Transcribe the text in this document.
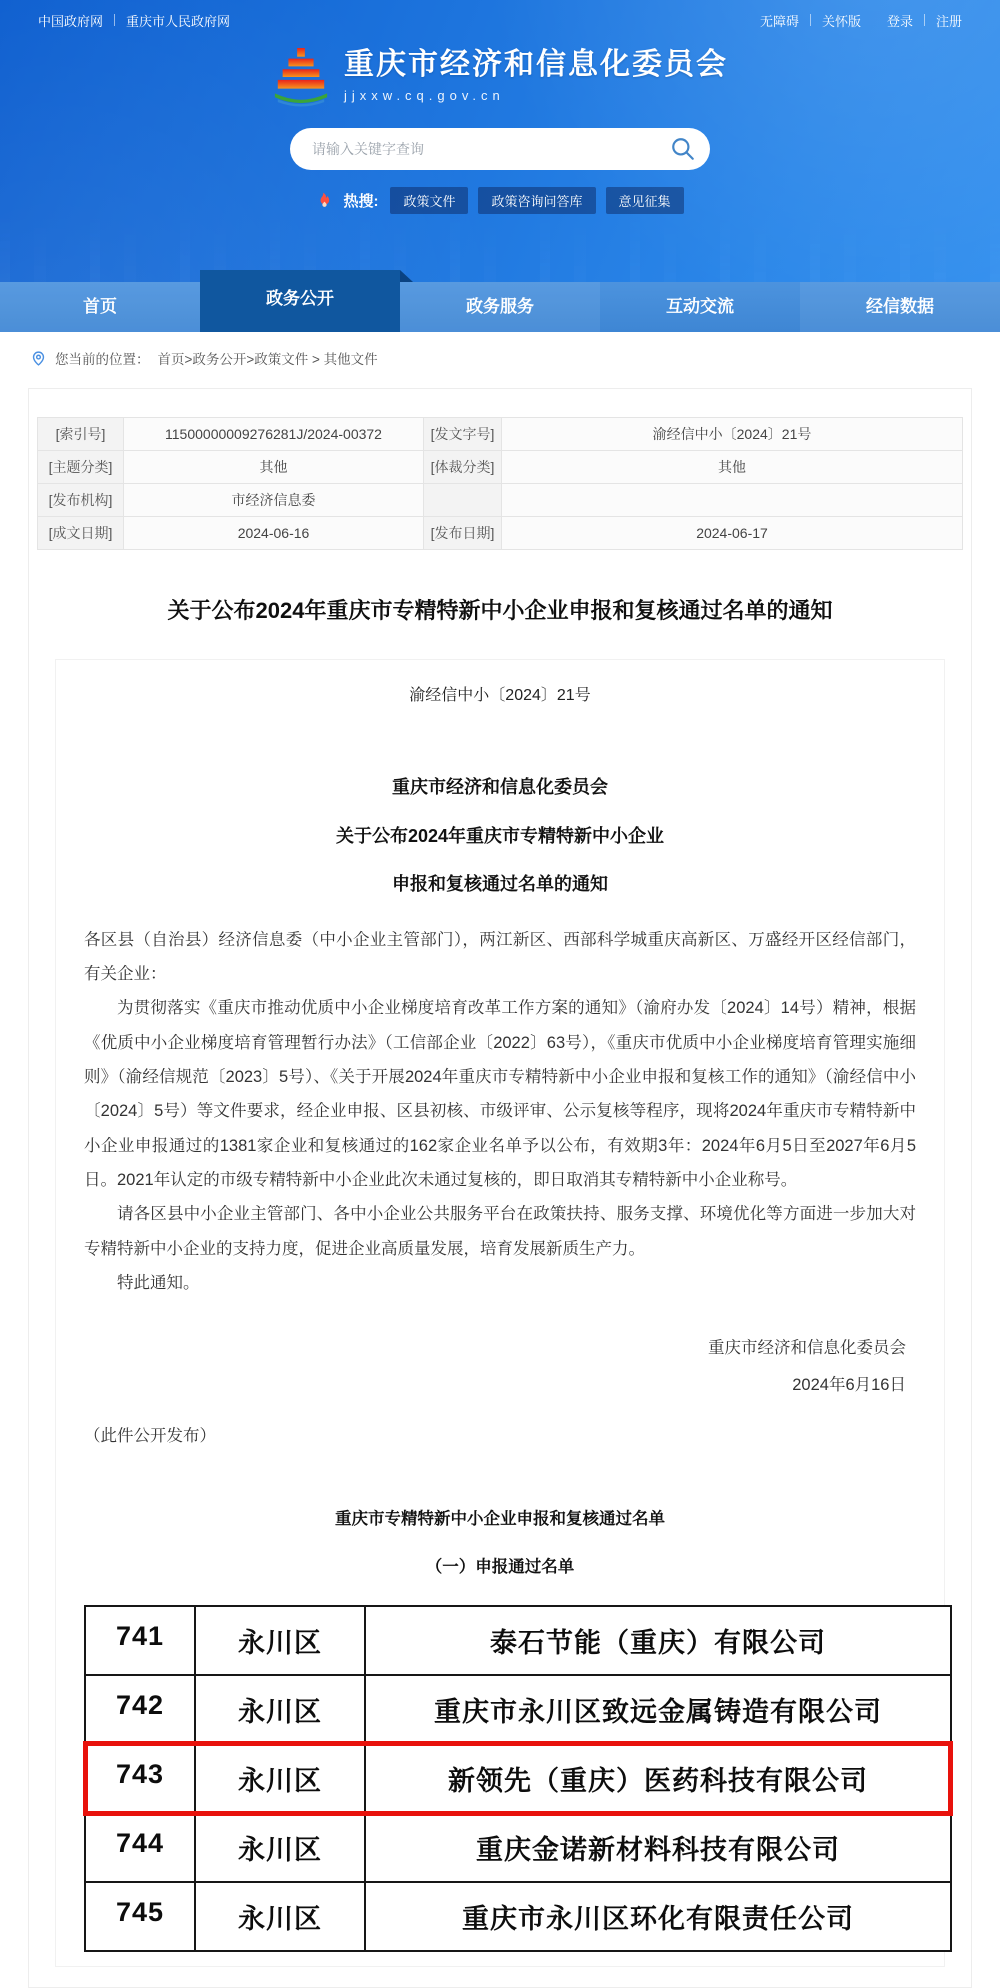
中国政府网 重庆市人民政府网	无障碍 关怀版 登录 注册
重庆市经济和信息化委员会
jjxxw.cq.gov.cn
请输入关键字查询
热搜:	政策文件	政策咨询问答库	意见征集
首页	政务公开	政务服务	互动交流	经信数据
您当前的位置： 首页>政务公开>政策文件 > 其他文件
[索引号]	11500000009276281J/2024-00372	[发文字号]	渝经信中小〔2024〕21号
[主题分类]	其他	[体裁分类]	其他
[发布机构]	市经济信息委		
[成文日期]	2024-06-16	[发布日期]	2024-06-17
关于公布2024年重庆市专精特新中小企业申报和复核通过名单的通知
渝经信中小〔2024〕21号
重庆市经济和信息化委员会
关于公布2024年重庆市专精特新中小企业
申报和复核通过名单的通知

各区县（自治县）经济信息委（中小企业主管部门），两江新区、西部科学城重庆高新区、万盛经开区经信部门，有关企业：

为贯彻落实《重庆市推动优质中小企业梯度培育改革工作方案的通知》（渝府办发〔2024〕14号）精神，根据《优质中小企业梯度培育管理暂行办法》（工信部企业〔2022〕63号），《重庆市优质中小企业梯度培育管理实施细则》（渝经信规范〔2023〕5号）、《关于开展2024年重庆市专精特新中小企业申报和复核工作的通知》（渝经信中小〔2024〕5号）等文件要求，经企业申报、区县初核、市级评审、公示复核等程序，现将2024年重庆市专精特新中小企业申报通过的1381家企业和复核通过的162家企业名单予以公布，有效期3年：2024年6月5日至2027年6月5日。2021年认定的市级专精特新中小企业此次未通过复核的，即日取消其专精特新中小企业称号。

请各区县中小企业主管部门、各中小企业公共服务平台在政策扶持、服务支撑、环境优化等方面进一步加大对专精特新中小企业的支持力度，促进企业高质量发展，培育发展新质生产力。

特此通知。

重庆市经济和信息化委员会
2024年6月16日

（此件公开发布）

重庆市专精特新中小企业申报和复核通过名单
（一）申报通过名单
741	永川区	泰石节能（重庆）有限公司
742	永川区	重庆市永川区致远金属铸造有限公司
743	永川区	新领先（重庆）医药科技有限公司
744	永川区	重庆金诺新材料科技有限公司
745	永川区	重庆市永川区环化有限责任公司
